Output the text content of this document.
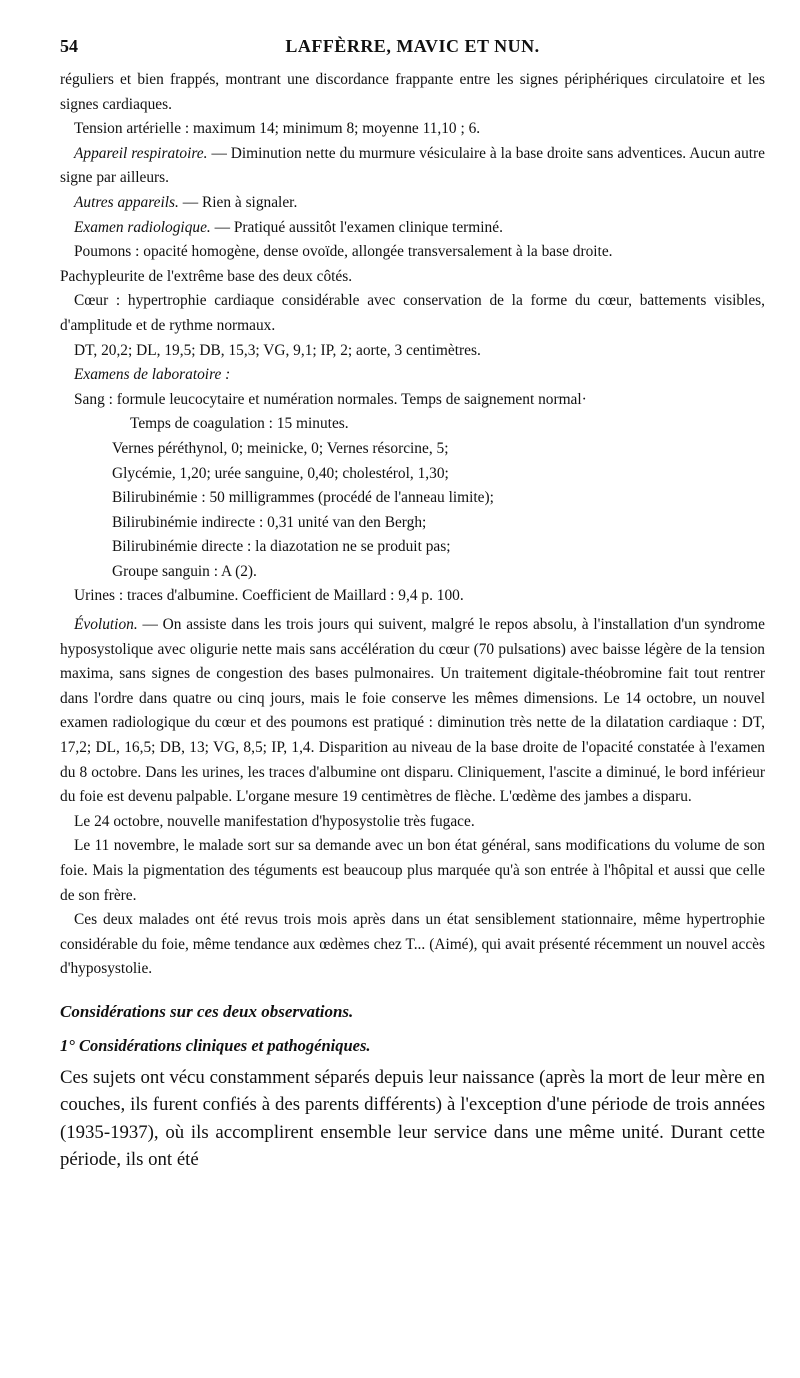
54	LAFFÈRRE, MAVIC ET NUN.

réguliers et bien frappés, montrant une discordance frappante entre les signes périphériques circulatoire et les signes cardiaques.

Tension artérielle : maximum 14; minimum 8; moyenne 11,10 ; 6.

Appareil respiratoire. — Diminution nette du murmure vésiculaire à la base droite sans adventices. Aucun autre signe par ailleurs.

Autres appareils. — Rien à signaler.

Examen radiologique. — Pratiqué aussitôt l'examen clinique terminé.

Poumons : opacité homogène, dense ovoïde, allongée transversalement à la base droite.

Pachypleurite de l'extrême base des deux côtés.

Cœur : hypertrophie cardiaque considérable avec conservation de la forme du cœur, battements visibles, d'amplitude et de rythme normaux.

DT, 20,2; DL, 19,5; DB, 15,3; VG, 9,1; IP, 2; aorte, 3 centimètres.

Examens de laboratoire :

Sang : formule leucocytaire et numération normales. Temps de saignement normal·

Temps de coagulation : 15 minutes.

Vernes péréthynol, 0; meinicke, 0; Vernes résorcine, 5;

Glycémie, 1,20; urée sanguine, 0,40; cholestérol, 1,30;

Bilirubinémie : 50 milligrammes (procédé de l'anneau limite);

Bilirubinémie indirecte : 0,31 unité van den Bergh;

Bilirubinémie directe : la diazotation ne se produit pas;

Groupe sanguin : A (2).

Urines : traces d'albumine. Coefficient de Maillard : 9,4 p. 100.

Évolution. — On assiste dans les trois jours qui suivent, malgré le repos absolu, à l'installation d'un syndrome hyposystolique avec oligurie nette mais sans accélération du cœur (70 pulsations) avec baisse légère de la tension maxima, sans signes de congestion des bases pulmonaires. Un traitement digitale-théobromine fait tout rentrer dans l'ordre dans quatre ou cinq jours, mais le foie conserve les mêmes dimensions. Le 14 octobre, un nouvel examen radiologique du cœur et des poumons est pratiqué : diminution très nette de la dilatation cardiaque : DT, 17,2; DL, 16,5; DB, 13; VG, 8,5; IP, 1,4. Disparition au niveau de la base droite de l'opacité constatée à l'examen du 8 octobre. Dans les urines, les traces d'albumine ont disparu. Cliniquement, l'ascite a diminué, le bord inférieur du foie est devenu palpable. L'organe mesure 19 centimètres de flèche. L'œdème des jambes a disparu.

Le 24 octobre, nouvelle manifestation d'hyposystolie très fugace.

Le 11 novembre, le malade sort sur sa demande avec un bon état général, sans modifications du volume de son foie. Mais la pigmentation des téguments est beaucoup plus marquée qu'à son entrée à l'hôpital et aussi que celle de son frère.

Ces deux malades ont été revus trois mois après dans un état sensiblement stationnaire, même hypertrophie considérable du foie, même tendance aux œdèmes chez T... (Aimé), qui avait présenté récemment un nouvel accès d'hyposystolie.

Considérations sur ces deux observations.
1° Considérations cliniques et pathogéniques.

Ces sujets ont vécu constamment séparés depuis leur naissance (après la mort de leur mère en couches, ils furent confiés à des parents différents) à l'exception d'une période de trois années (1935-1937), où ils accomplirent ensemble leur service dans une même unité. Durant cette période, ils ont été
